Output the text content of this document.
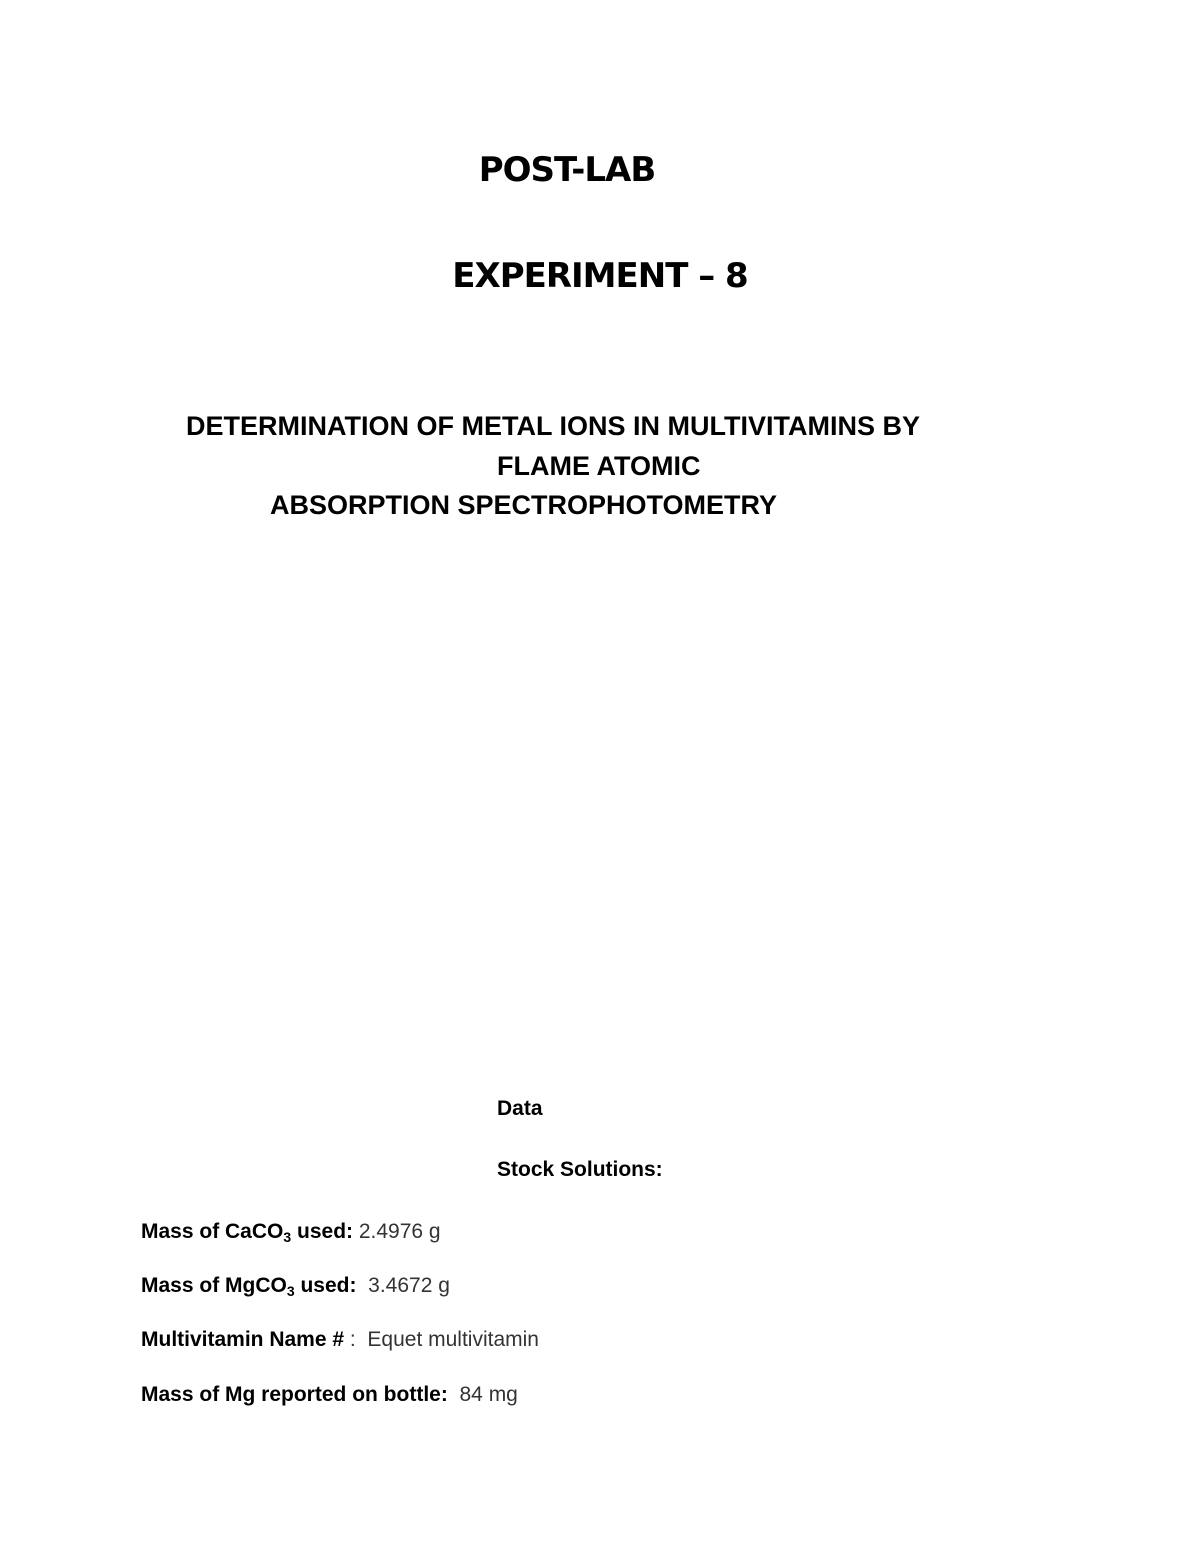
POST-LAB
EXPERIMENT – 8
DETERMINATION OF METAL IONS IN MULTIVITAMINS BY
FLAME ATOMIC
ABSORPTION SPECTROPHOTOMETRY
Data
Stock Solutions:
Mass of CaCO$_3$ used: 2.4976 g
Mass of MgCO$_3$ used:  3.4672 g
Multivitamin Name # :  Equet multivitamin
Mass of Mg reported on bottle:  84 mg
